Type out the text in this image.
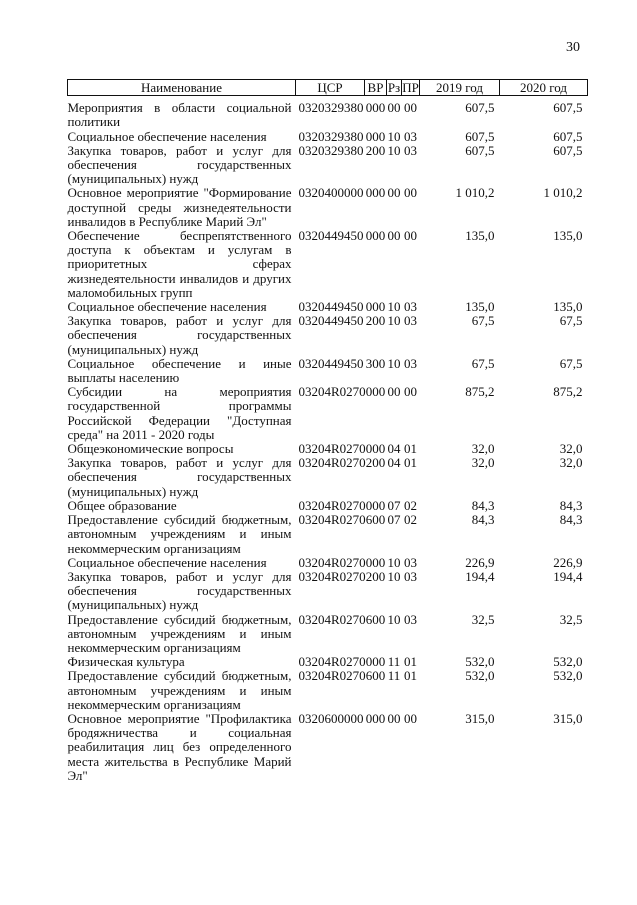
30
Наименование	ЦСР	ВР	Рз	ПР	2019 год	2020 год
Мероприятия в области социальной политики	0320329380	000	00	00	607,5	607,5
Социальное обеспечение населения	0320329380	000	10	03	607,5	607,5
Закупка товаров, работ и услуг для обеспечения государственных (муниципальных) нужд	0320329380	200	10	03	607,5	607,5
Основное мероприятие "Формирование доступной среды жизнедеятельности инвалидов в Республике Марий Эл"	0320400000	000	00	00	1 010,2	1 010,2
Обеспечение беспрепятственного доступа к объектам и услугам в приоритетных сферах жизнедеятельности инвалидов и других маломобильных групп	0320449450	000	00	00	135,0	135,0
Социальное обеспечение населения	0320449450	000	10	03	135,0	135,0
Закупка товаров, работ и услуг для обеспечения государственных (муниципальных) нужд	0320449450	200	10	03	67,5	67,5
Социальное обеспечение и иные выплаты населению	0320449450	300	10	03	67,5	67,5
Субсидии на мероприятия государственной программы Российской Федерации "Доступная среда" на 2011 - 2020 годы	03204R0270	000	00	00	875,2	875,2
Общеэкономические вопросы	03204R0270	000	04	01	32,0	32,0
Закупка товаров, работ и услуг для обеспечения государственных (муниципальных) нужд	03204R0270	200	04	01	32,0	32,0
Общее образование	03204R0270	000	07	02	84,3	84,3
Предоставление субсидий бюджетным, автономным учреждениям и иным некоммерческим организациям	03204R0270	600	07	02	84,3	84,3
Социальное обеспечение населения	03204R0270	000	10	03	226,9	226,9
Закупка товаров, работ и услуг для обеспечения государственных (муниципальных) нужд	03204R0270	200	10	03	194,4	194,4
Предоставление субсидий бюджетным, автономным учреждениям и иным некоммерческим организациям	03204R0270	600	10	03	32,5	32,5
Физическая культура	03204R0270	000	11	01	532,0	532,0
Предоставление субсидий бюджетным, автономным учреждениям и иным некоммерческим организациям	03204R0270	600	11	01	532,0	532,0
Основное мероприятие "Профилактика бродяжничества и социальная реабилитация лиц без определенного места жительства в Республике Марий Эл"	0320600000	000	00	00	315,0	315,0
